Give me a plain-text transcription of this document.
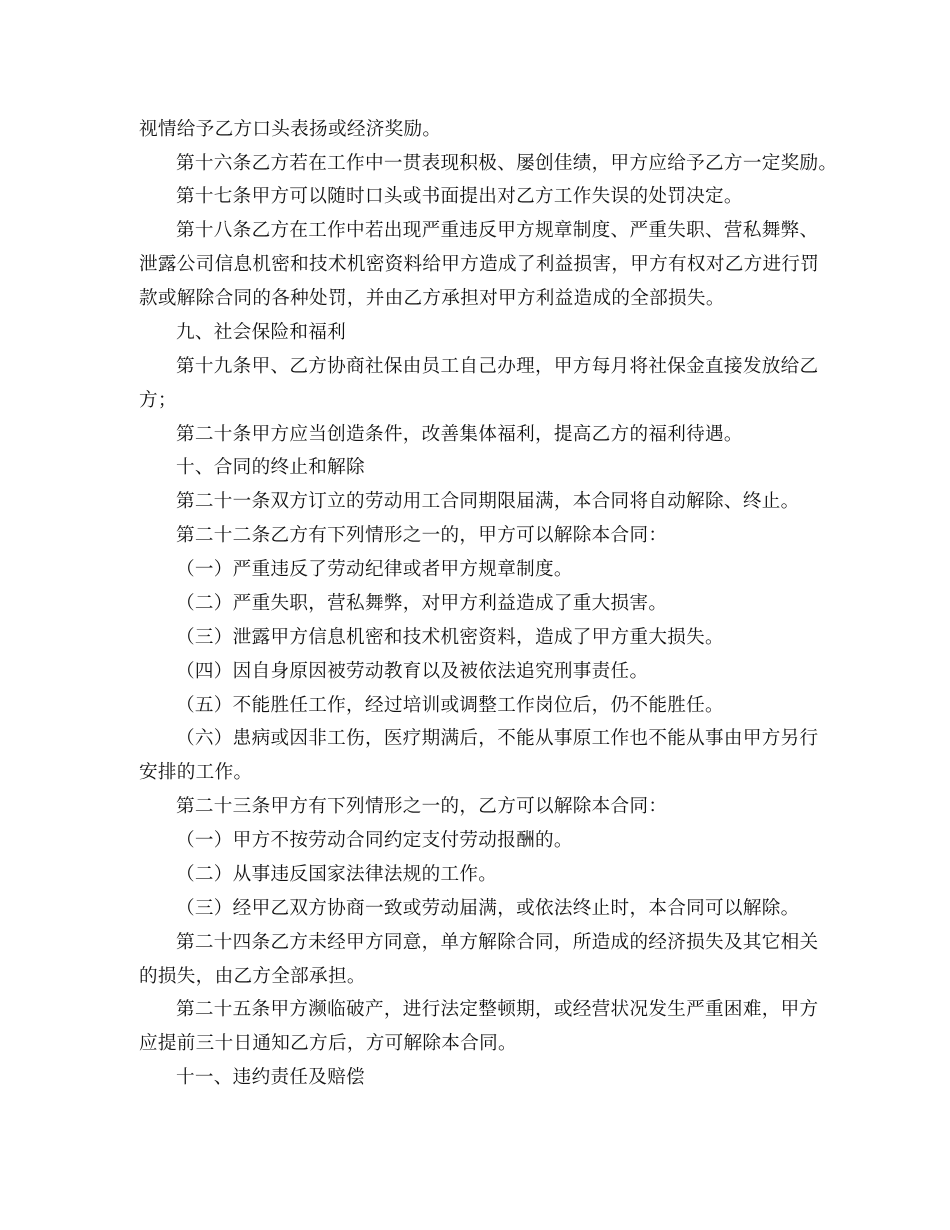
视情给予乙方口头表扬或经济奖励。
第十六条乙方若在工作中一贯表现积极、屡创佳绩，甲方应给予乙方一定奖励。
第十七条甲方可以随时口头或书面提出对乙方工作失误的处罚决定。
第十八条乙方在工作中若出现严重违反甲方规章制度、严重失职、营私舞弊、
泄露公司信息机密和技术机密资料给甲方造成了利益损害，甲方有权对乙方进行罚
款或解除合同的各种处罚，并由乙方承担对甲方利益造成的全部损失。
九、社会保险和福利
第十九条甲、乙方协商社保由员工自己办理，甲方每月将社保金直接发放给乙
方；
第二十条甲方应当创造条件，改善集体福利，提高乙方的福利待遇。
十、合同的终止和解除
第二十一条双方订立的劳动用工合同期限届满，本合同将自动解除、终止。
第二十二条乙方有下列情形之一的，甲方可以解除本合同：
（一）严重违反了劳动纪律或者甲方规章制度。
（二）严重失职，营私舞弊，对甲方利益造成了重大损害。
（三）泄露甲方信息机密和技术机密资料，造成了甲方重大损失。
（四）因自身原因被劳动教育以及被依法追究刑事责任。
（五）不能胜任工作，经过培训或调整工作岗位后，仍不能胜任。
（六）患病或因非工伤，医疗期满后，不能从事原工作也不能从事由甲方另行
安排的工作。
第二十三条甲方有下列情形之一的，乙方可以解除本合同：
（一）甲方不按劳动合同约定支付劳动报酬的。
（二）从事违反国家法律法规的工作。
（三）经甲乙双方协商一致或劳动届满，或依法终止时，本合同可以解除。
第二十四条乙方未经甲方同意，单方解除合同，所造成的经济损失及其它相关
的损失，由乙方全部承担。
第二十五条甲方濒临破产，进行法定整顿期，或经营状况发生严重困难，甲方
应提前三十日通知乙方后，方可解除本合同。
十一、违约责任及赔偿
